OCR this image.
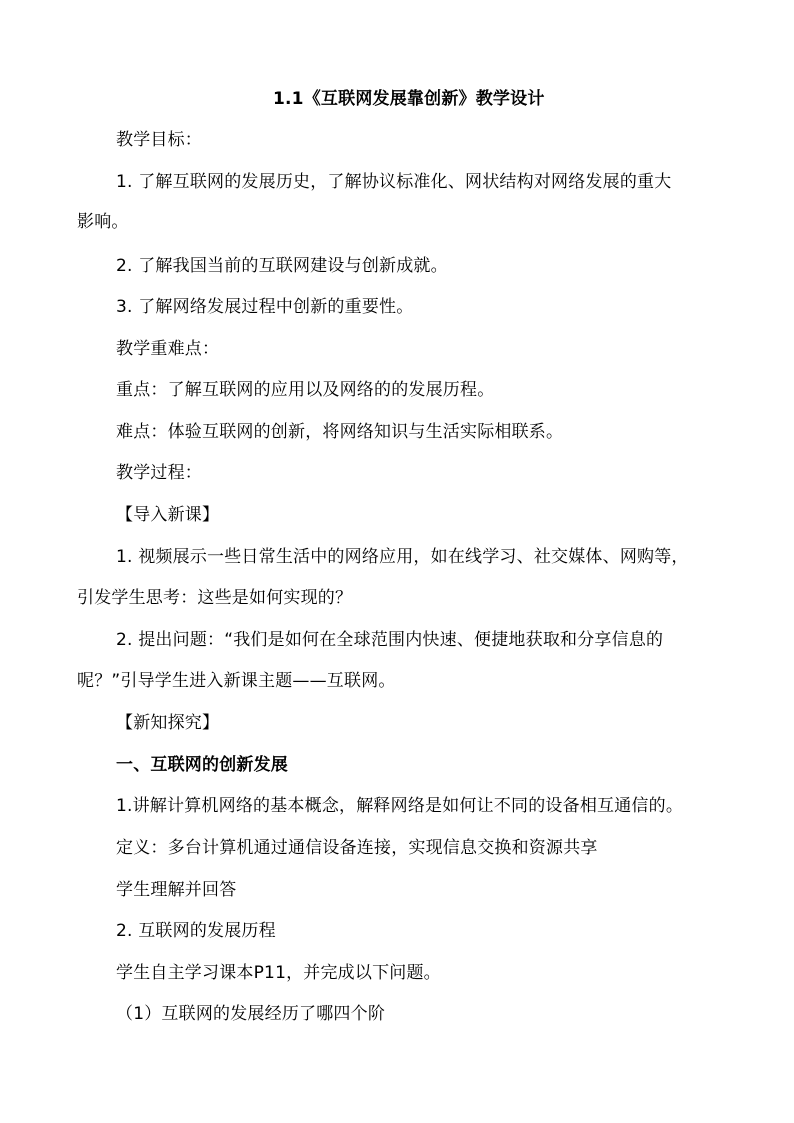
1.1《互联网发展靠创新》教学设计
教学目标：
1. 了解互联网的发展历史，了解协议标准化、网状结构对网络发展的重大
影响。
2. 了解我国当前的互联网建设与创新成就。
3. 了解网络发展过程中创新的重要性。
教学重难点：
重点：了解互联网的应用以及网络的的发展历程。
难点：体验互联网的创新，将网络知识与生活实际相联系。
教学过程：
【导入新课】
1. 视频展示一些日常生活中的网络应用，如在线学习、社交媒体、网购等，
引发学生思考：这些是如何实现的？
2. 提出问题：“我们是如何在全球范围内快速、便捷地获取和分享信息的
呢？”引导学生进入新课主题——互联网。
【新知探究】
一、互联网的创新发展
1.讲解计算机网络的基本概念，解释网络是如何让不同的设备相互通信的。
定义：多台计算机通过通信设备连接，实现信息交换和资源共享
学生理解并回答
2. 互联网的发展历程
学生自主学习课本P11，并完成以下问题。
（1）互联网的发展经历了哪四个阶
